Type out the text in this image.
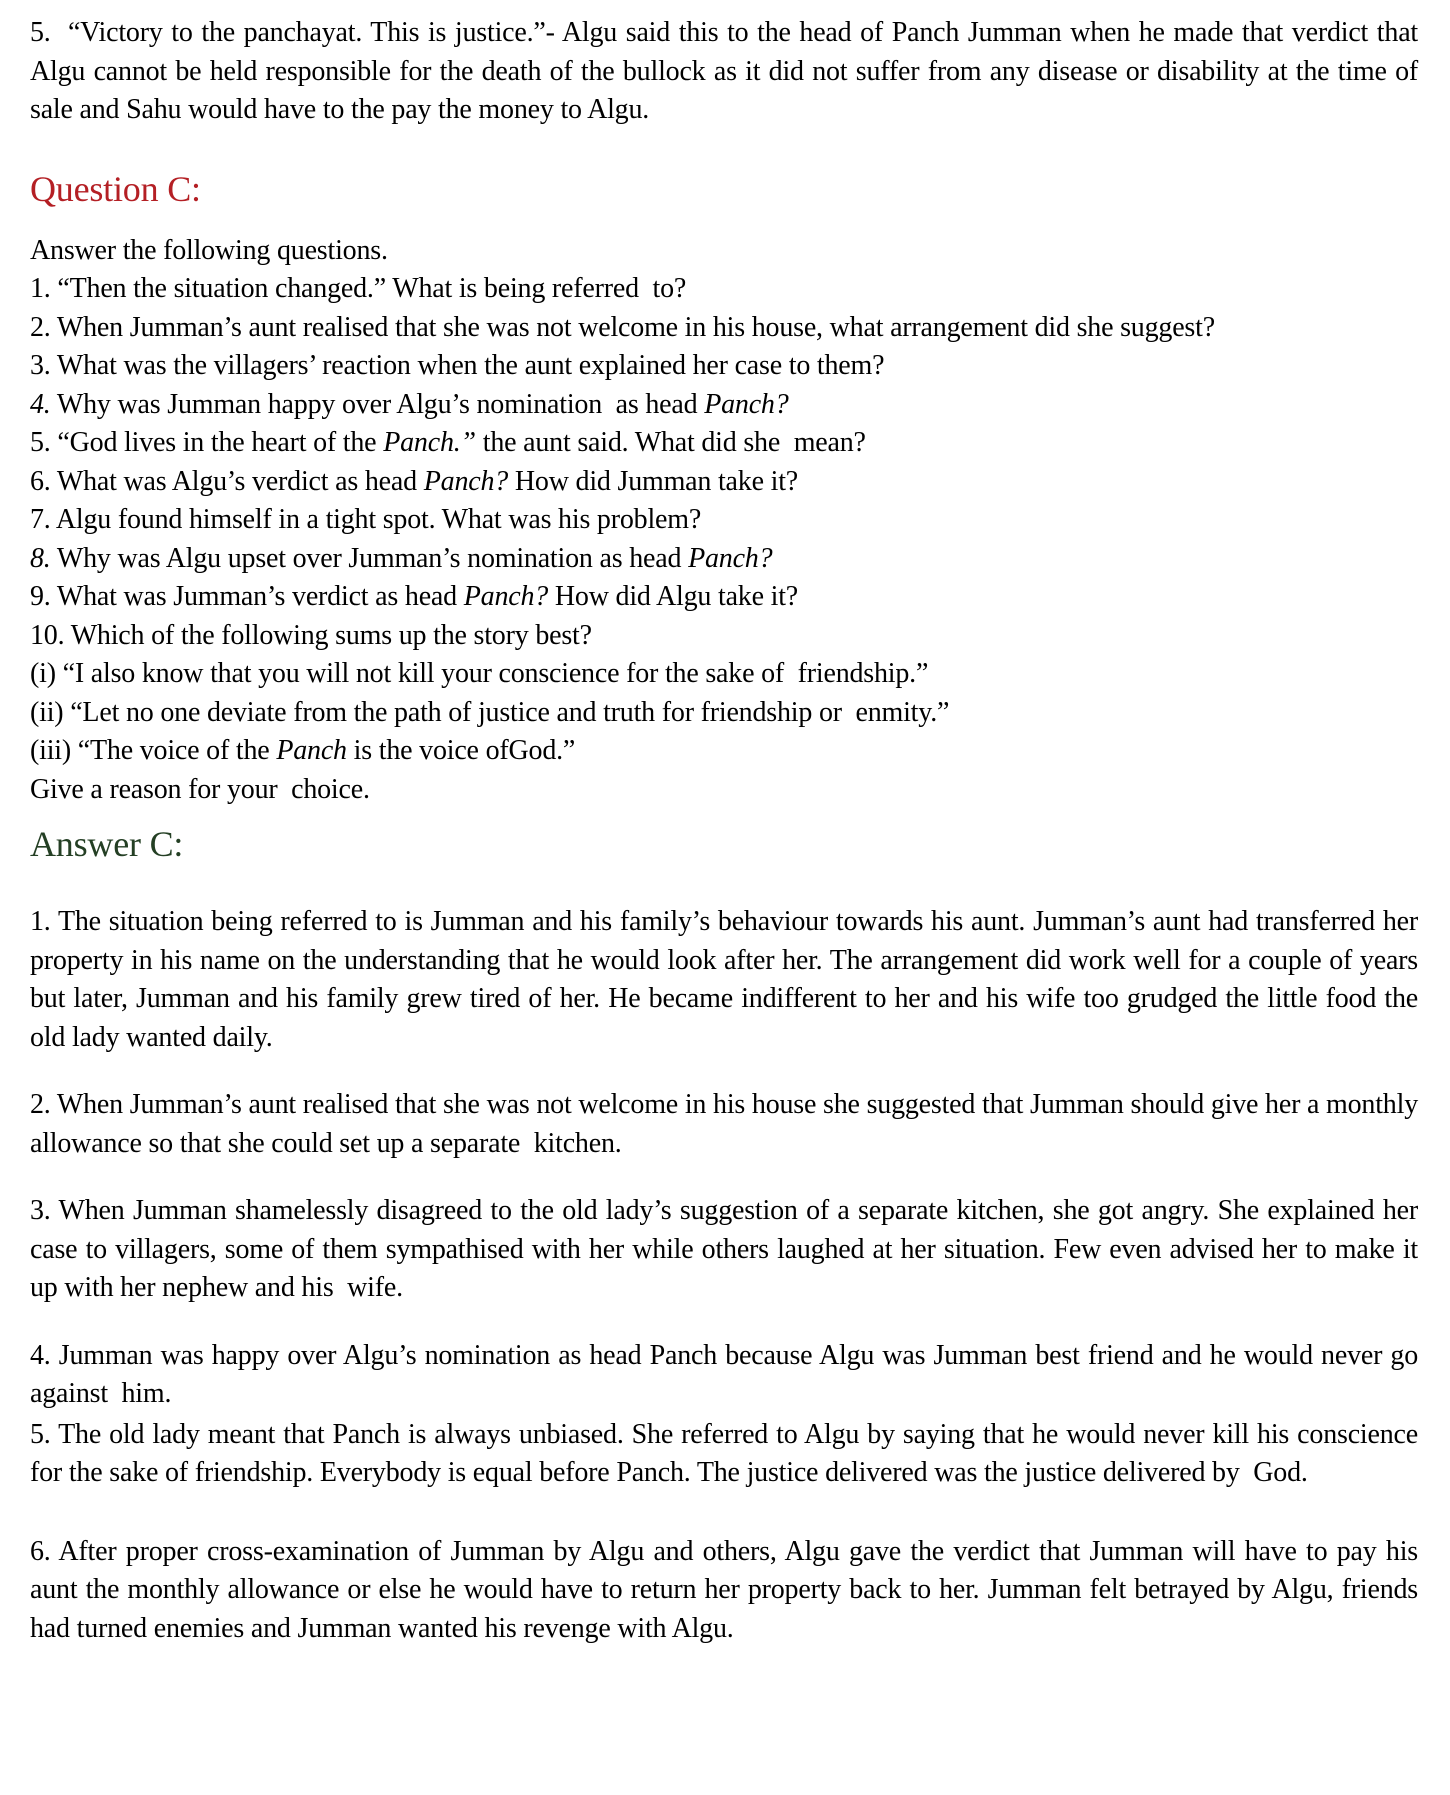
5.  “Victory to the panchayat. This is justice.”- Algu said this to the head of Panch Jumman when he made that verdict that Algu cannot be held responsible for the death of the bullock as it did not suffer from any disease or disability at the time of sale and Sahu would have to the pay the money to Algu.

Question C:

Answer the following questions.

1. “Then the situation changed.” What is being referred  to?

2. When Jumman’s aunt realised that she was not welcome in his house, what arrangement did she suggest?

3. What was the villagers’ reaction when the aunt explained her case to them?

4. Why was Jumman happy over Algu’s nomination  as head Panch?

5. “God lives in the heart of the Panch.” the aunt said. What did she  mean?

6. What was Algu’s verdict as head Panch? How did Jumman take it?

7. Algu found himself in a tight spot. What was his problem?

8. Why was Algu upset over Jumman’s nomination as head Panch?

9. What was Jumman’s verdict as head Panch? How did Algu take it?

10. Which of the following sums up the story best?

(i) “I also know that you will not kill your conscience for the sake of  friendship.”

(ii) “Let no one deviate from the path of justice and truth for friendship or  enmity.”

(iii) “The voice of the Panch is the voice ofGod.”

Give a reason for your  choice.

Answer C:

1. The situation being referred to is Jumman and his family’s behaviour towards his aunt. Jumman’s aunt had transferred her property in his name on the understanding that he would look after her. The arrangement did work well for a couple of years but later, Jumman and his family grew tired of her. He became indifferent to her and his wife too grudged the little food the old lady wanted daily.

2. When Jumman’s aunt realised that she was not welcome in his house she suggested that Jumman should give her a monthly allowance so that she could set up a separate  kitchen.

3. When Jumman shamelessly disagreed to the old lady’s suggestion of a separate kitchen, she got angry. She explained her case to villagers, some of them sympathised with her while others laughed at her situation. Few even advised her to make it up with her nephew and his  wife.

4. Jumman was happy over Algu’s nomination as head Panch because Algu was Jumman best friend and he would never go against  him.

5. The old lady meant that Panch is always unbiased. She referred to Algu by saying that he would never kill his conscience for the sake of friendship. Everybody is equal before Panch. The justice delivered was the justice delivered by  God.

6. After proper cross-examination of Jumman by Algu and others, Algu gave the verdict that Jumman will have to pay his aunt the monthly allowance or else he would have to return her property back to her. Jumman felt betrayed by Algu, friends had turned enemies and Jumman wanted his revenge with Algu.
